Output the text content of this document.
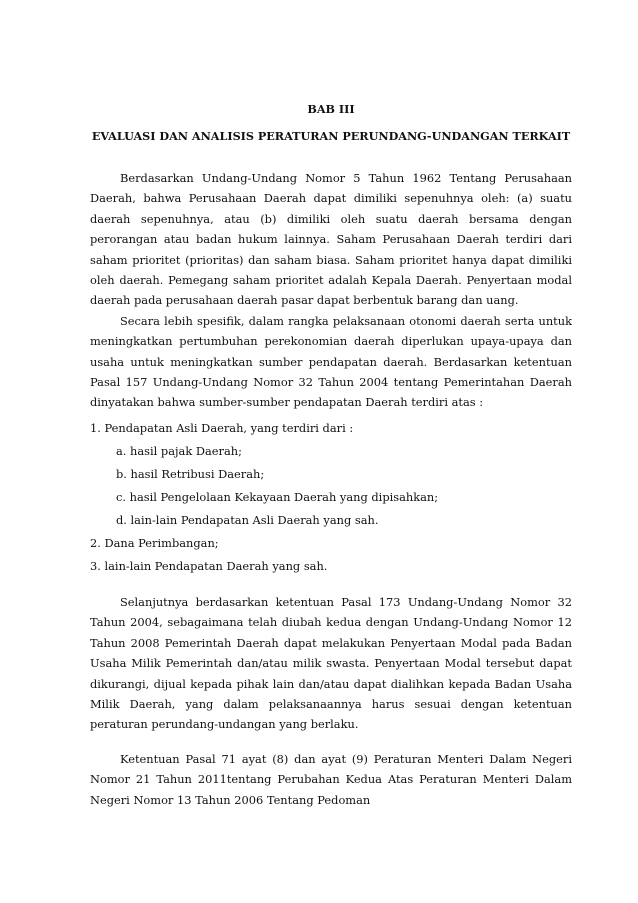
BAB III
EVALUASI DAN ANALISIS PERATURAN PERUNDANG-UNDANGAN TERKAIT

Berdasarkan Undang-Undang Nomor 5 Tahun 1962 Tentang Perusahaan Daerah, bahwa Perusahaan Daerah dapat dimiliki sepenuhnya oleh: (a) suatu daerah sepenuhnya, atau (b) dimiliki oleh suatu daerah bersama dengan perorangan atau badan hukum lainnya. Saham Perusahaan Daerah terdiri dari saham prioritet (prioritas) dan saham biasa. Saham prioritet hanya dapat dimiliki oleh daerah. Pemegang saham prioritet adalah Kepala Daerah. Penyertaan modal daerah pada perusahaan daerah pasar dapat berbentuk barang dan uang.

Secara lebih spesifik, dalam rangka pelaksanaan otonomi daerah serta untuk meningkatkan pertumbuhan perekonomian daerah diperlukan upaya-upaya dan usaha untuk meningkatkan sumber pendapatan daerah. Berdasarkan ketentuan Pasal 157 Undang-Undang Nomor 32 Tahun 2004 tentang Pemerintahan Daerah dinyatakan bahwa sumber-sumber pendapatan Daerah terdiri atas :

1. Pendapatan Asli Daerah, yang terdiri dari :
a. hasil pajak Daerah;
b. hasil Retribusi Daerah;
c. hasil Pengelolaan Kekayaan Daerah yang dipisahkan;
d. lain-lain Pendapatan Asli Daerah yang sah.
2. Dana Perimbangan;
3. lain-lain Pendapatan Daerah yang sah.

Selanjutnya berdasarkan ketentuan Pasal 173 Undang-Undang Nomor 32 Tahun 2004, sebagaimana telah diubah kedua dengan Undang-Undang Nomor 12 Tahun 2008 Pemerintah Daerah dapat melakukan Penyertaan Modal pada Badan Usaha Milik Pemerintah dan/atau milik swasta. Penyertaan Modal tersebut dapat dikurangi, dijual kepada pihak lain dan/atau dapat dialihkan kepada Badan Usaha Milik Daerah, yang dalam pelaksanaannya harus sesuai dengan ketentuan peraturan perundang-undangan yang berlaku.

Ketentuan Pasal 71 ayat (8) dan ayat (9) Peraturan Menteri Dalam Negeri Nomor 21 Tahun 2011tentang Perubahan Kedua Atas Peraturan Menteri Dalam Negeri Nomor 13 Tahun 2006 Tentang Pedoman
